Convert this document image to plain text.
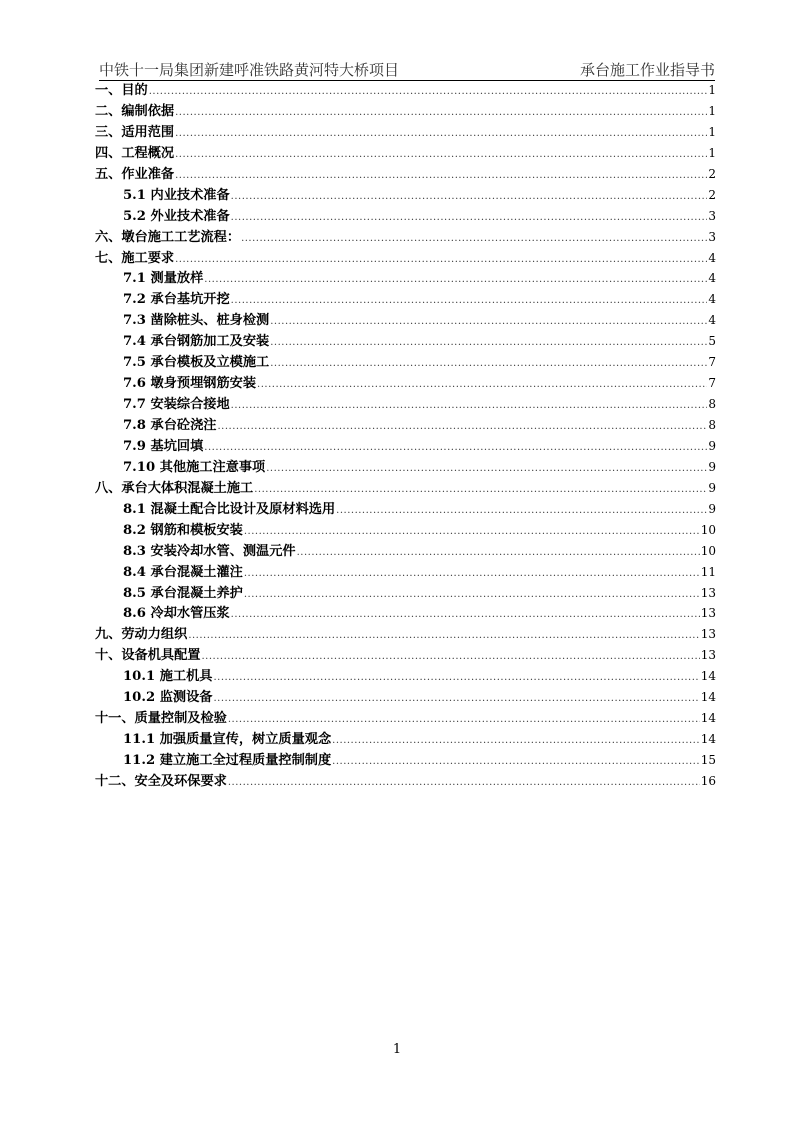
中铁十一局集团新建呼准铁路黄河特大桥项目	承台施工作业指导书
一、目的 .....	1
二、编制依据 .....	1
三、适用范围 .....	1
四、工程概况 .....	1
五、作业准备 .....	2
5.1 内业技术准备 .....	2
5.2 外业技术准备 .....	3
六、墩台施工工艺流程： .....	3
七、施工要求 .....	4
7.1 测量放样 .....	4
7.2 承台基坑开挖 .....	4
7.3 凿除桩头、桩身检测 .....	4
7.4 承台钢筋加工及安装 .....	5
7.5 承台模板及立模施工 .....	7
7.6 墩身预埋钢筋安装 .....	7
7.7 安装综合接地 .....	8
7.8 承台砼浇注 .....	8
7.9 基坑回填 .....	9
7.10 其他施工注意事项 .....	9
八、承台大体积混凝土施工 .....	9
8.1 混凝土配合比设计及原材料选用 .....	9
8.2 钢筋和模板安装 .....	10
8.3 安装冷却水管、测温元件 .....	10
8.4 承台混凝土灌注 .....	11
8.5 承台混凝土养护 .....	13
8.6 冷却水管压浆 .....	13
九、劳动力组织 .....	13
十、设备机具配置 .....	13
10.1 施工机具 .....	14
10.2 监测设备 .....	14
十一、质量控制及检验 .....	14
11.1 加强质量宣传，树立质量观念 .....	14
11.2 建立施工全过程质量控制制度 .....	15
十二、安全及环保要求 .....	16
1
